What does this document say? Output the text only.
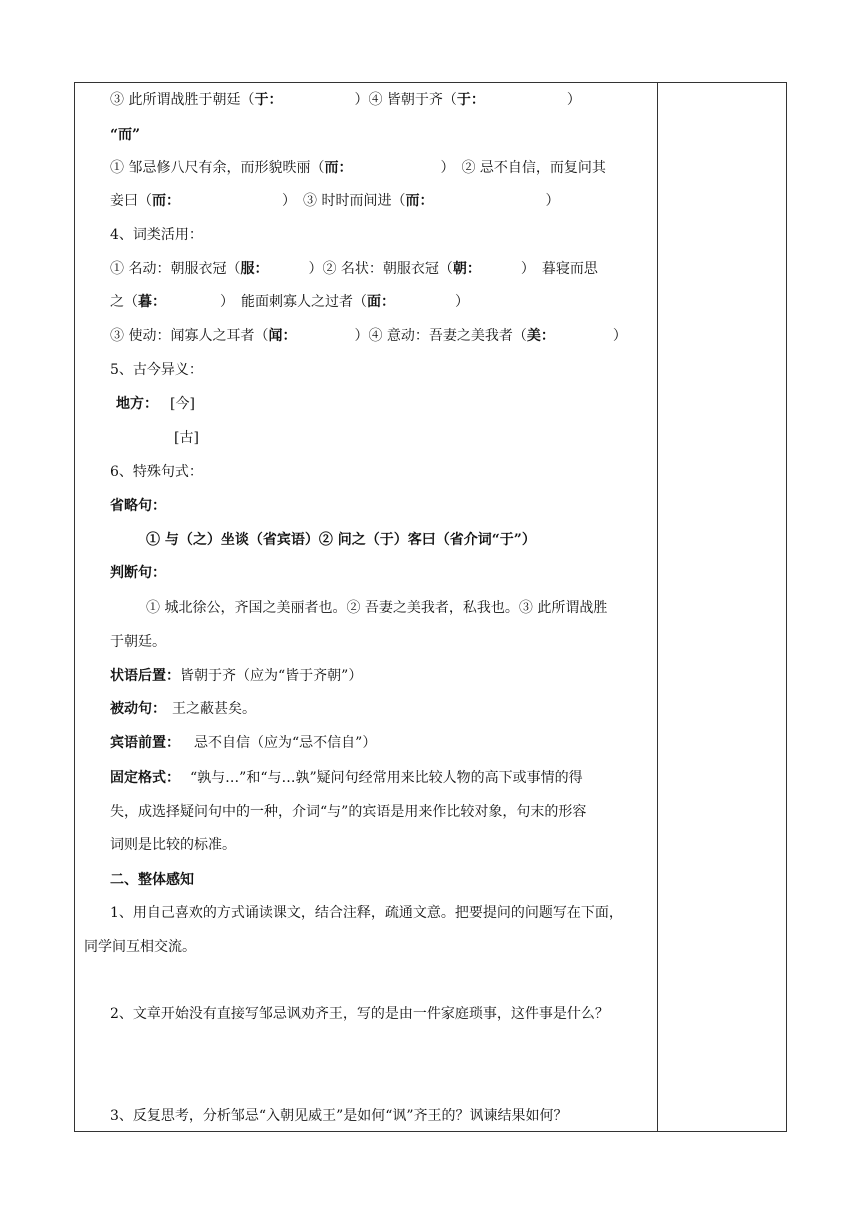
③ 此所谓战胜于朝廷（于：	）④ 皆朝于齐（于：	）
“而”
① 邹忌修八尺有余，而形貌昳丽（而：	）　② 忌不自信，而复问其
妾曰（而：	）　③ 时时而间进（而：	）
4、词类活用：
① 名动：朝服衣冠（服：	）② 名状：朝服衣冠（朝：	）　暮寝而思
之（暮：	）　能面刺寡人之过者（面：	）
③ 使动：闻寡人之耳者（闻：	）④ 意动：吾妻之美我者（美：	）
5、古今异义：
地方： [今]
[古]
6、特殊句式：
省略句：
① 与（之）坐谈（省宾语）② 问之（于）客曰（省介词“于”）
判断句：
① 城北徐公，齐国之美丽者也。② 吾妻之美我者，私我也。③ 此所谓战胜
于朝廷。
状语后置：皆朝于齐（应为“皆于齐朝”）
被动句： 王之蔽甚矣。
宾语前置： 忌不自信（应为“忌不信自”）
固定格式： “孰与…”和“与…孰”疑问句经常用来比较人物的高下或事情的得
失，成选择疑问句中的一种，介词“与”的宾语是用来作比较对象，句末的形容
词则是比较的标准。
二、整体感知
1、用自己喜欢的方式诵读课文，结合注释，疏通文意。把要提问的问题写在下面，
同学间互相交流。
2、文章开始没有直接写邹忌讽劝齐王，写的是由一件家庭琐事，这件事是什么？
3、反复思考，分析邹忌“入朝见威王”是如何“讽”齐王的？讽谏结果如何？
